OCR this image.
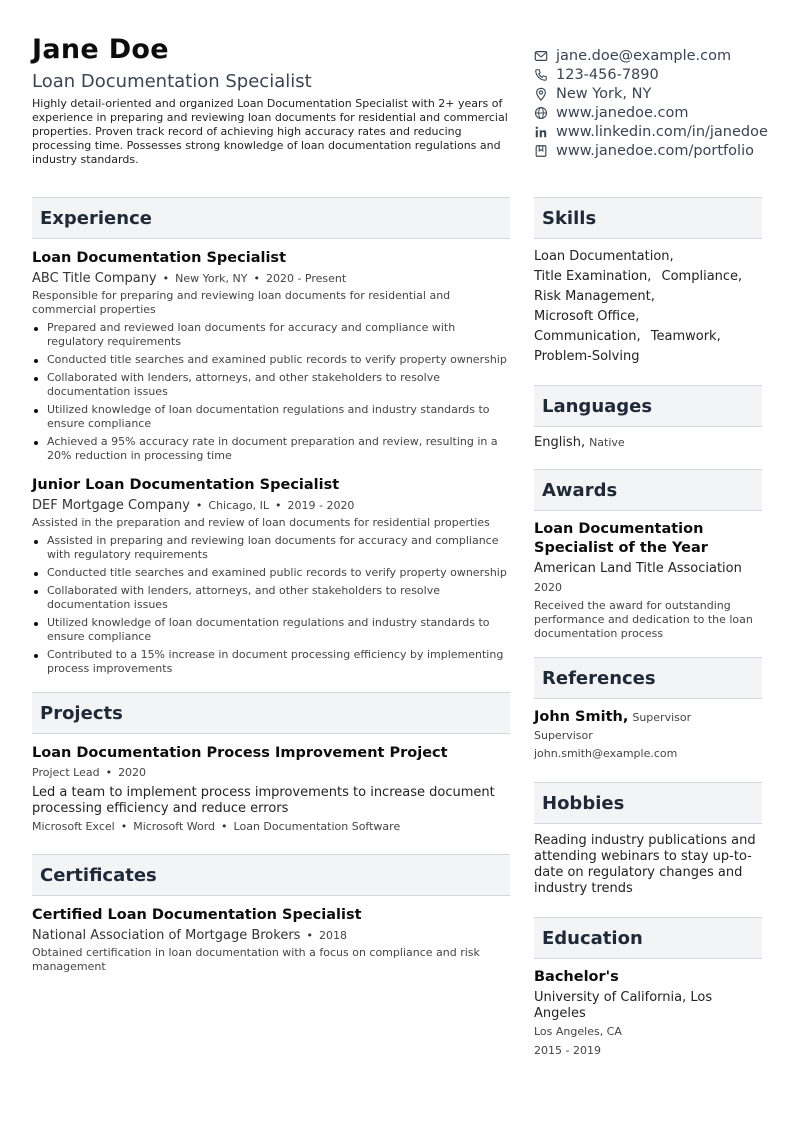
Jane Doe
Loan Documentation Specialist
Highly detail-oriented and organized Loan Documentation Specialist with 2+ years of experience in preparing and reviewing loan documents for residential and commercial properties. Proven track record of achieving high accuracy rates and reducing processing time. Possesses strong knowledge of loan documentation regulations and industry standards.
jane.doe@example.com
123-456-7890
New York, NY
www.janedoe.com
www.linkedin.com/in/janedoe
www.janedoe.com/portfolio
Experience
Loan Documentation Specialist
ABC Title Company • New York, NY • 2020 - Present
Responsible for preparing and reviewing loan documents for residential and commercial properties
Prepared and reviewed loan documents for accuracy and compliance with regulatory requirements
Conducted title searches and examined public records to verify property ownership
Collaborated with lenders, attorneys, and other stakeholders to resolve documentation issues
Utilized knowledge of loan documentation regulations and industry standards to ensure compliance
Achieved a 95% accuracy rate in document preparation and review, resulting in a 20% reduction in processing time
Junior Loan Documentation Specialist
DEF Mortgage Company • Chicago, IL • 2019 - 2020
Assisted in the preparation and review of loan documents for residential properties
Assisted in preparing and reviewing loan documents for accuracy and compliance with regulatory requirements
Conducted title searches and examined public records to verify property ownership
Collaborated with lenders, attorneys, and other stakeholders to resolve documentation issues
Utilized knowledge of loan documentation regulations and industry standards to ensure compliance
Contributed to a 15% increase in document processing efficiency by implementing process improvements
Projects
Loan Documentation Process Improvement Project
Project Lead • 2020
Led a team to implement process improvements to increase document processing efficiency and reduce errors
Microsoft Excel • Microsoft Word • Loan Documentation Software
Certificates
Certified Loan Documentation Specialist
National Association of Mortgage Brokers • 2018
Obtained certification in loan documentation with a focus on compliance and risk management
Skills
Loan Documentation,
Title Examination, Compliance,
Risk Management,
Microsoft Office,
Communication, Teamwork,
Problem-Solving
Languages
English, Native
Awards
Loan Documentation Specialist of the Year
American Land Title Association
2020
Received the award for outstanding performance and dedication to the loan documentation process
References
John Smith, Supervisor
Supervisor
john.smith@example.com
Hobbies
Reading industry publications and attending webinars to stay up-to-date on regulatory changes and industry trends
Education
Bachelor's
University of California, Los Angeles
Los Angeles, CA
2015 - 2019
